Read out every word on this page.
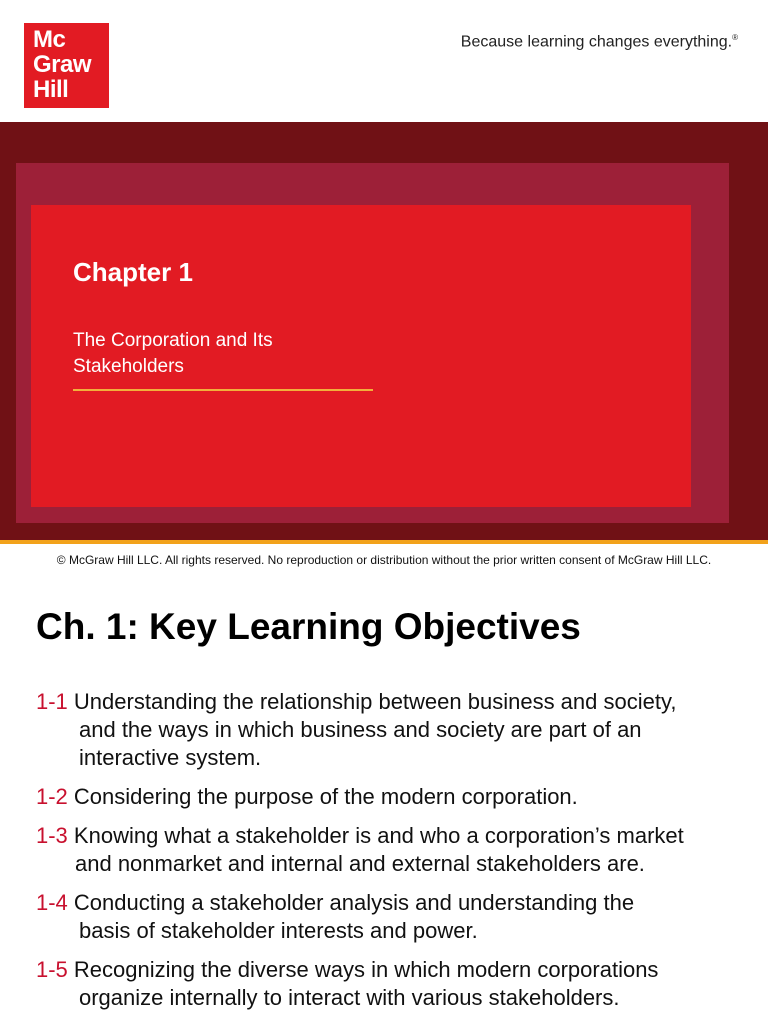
Mc
Graw
Hill
Because learning changes everything.®
Chapter 1
The Corporation and Its
Stakeholders
© McGraw Hill LLC. All rights reserved. No reproduction or distribution without the prior written consent of McGraw Hill LLC.
Ch. 1: Key Learning Objectives
1-1 Understanding the relationship between business and society,
and the ways in which business and society are part of an
interactive system.
1-2 Considering the purpose of the modern corporation.
1-3 Knowing what a stakeholder is and who a corporation’s market
and nonmarket and internal and external stakeholders are.
1-4 Conducting a stakeholder analysis and understanding the
basis of stakeholder interests and power.
1-5 Recognizing the diverse ways in which modern corporations
organize internally to interact with various stakeholders.
